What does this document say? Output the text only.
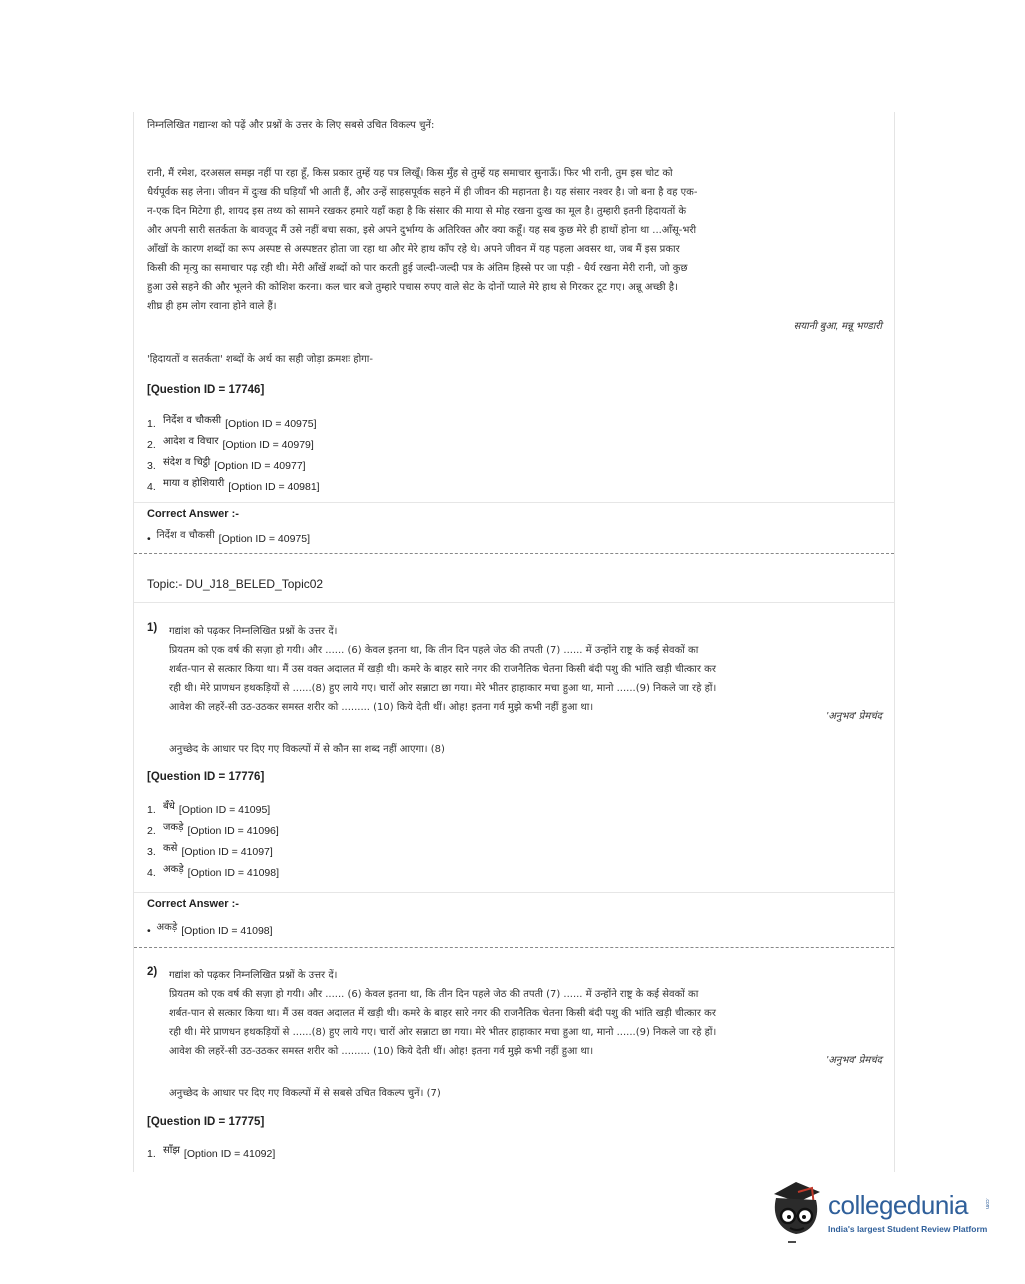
निम्नलिखित गद्यान्श को पढ़ें और प्रश्नों के उत्तर के लिए सबसे उचित विकल्प चुनें:

रानी, मैं रमेश, दरअसल समझ नहीं पा रहा हूँ, किस प्रकार तुम्हें यह पत्र लिखूँ। किस मुँह से तुम्हें यह समाचार सुनाऊँ। फिर भी रानी, तुम इस चोट को

धैर्यपूर्वक सह लेना। जीवन में दुःख की घड़ियाँ भी आती हैं, और उन्हें साहसपूर्वक सहने में ही जीवन की महानता है। यह संसार नश्वर है। जो बना है वह एक-

न-एक दिन मिटेगा ही, शायद इस तथ्य को सामने रखकर हमारे यहाँ कहा है कि संसार की माया से मोह रखना दुःख का मूल है। तुम्हारी इतनी हिदायतों के

और अपनी सारी सतर्कता के बावजूद मैं उसे नहीं बचा सका, इसे अपने दुर्भाग्य के अतिरिक्त और क्या कहूँ। यह सब कुछ मेरे ही हाथों होना था ...आँसू-भरी

आँखों के कारण शब्दों का रूप अस्पष्ट से अस्पष्टतर होता जा रहा था और मेरे हाथ काँप रहे थे। अपने जीवन में यह पहला अवसर था, जब मैं इस प्रकार

किसी की मृत्यु का समाचार पढ़ रही थी। मेरी आँखें शब्दों को पार करती हुई जल्दी-जल्दी पत्र के अंतिम हिस्से पर जा पड़ी - धैर्य रखना मेरी रानी, जो कुछ

हुआ उसे सहने की और भूलने की कोशिश करना। कल चार बजे तुम्हारे पचास रुपए वाले सेट के दोनों प्याले मेरे हाथ से गिरकर टूट गए। अन्नू अच्छी है।

शीघ्र ही हम लोग रवाना होने वाले हैं।

सयानी बुआ, मन्नू भण्डारी
'हिदायतों व सतर्कता' शब्दों के अर्थ का सही जोड़ा क्रमशः होगा-
[Question ID = 17746]
1. निर्देश व चौकसी [Option ID = 40975]
2. आदेश व विचार [Option ID = 40979]
3. संदेश व चिट्ठी [Option ID = 40977]
4. माया व होशियारी [Option ID = 40981]
Correct Answer :-
•  निर्देश व चौकसी [Option ID = 40975]
Topic:- DU_J18_BELED_Topic02
1) गद्यांश को पढ़कर निम्नलिखित प्रश्नों के उत्तर दें।

प्रियतम को एक वर्ष की सज़ा हो गयी। और ...... (6) केवल इतना था, कि तीन दिन पहले जेठ की तपती (7) ...... में उन्होंने राष्ट्र के कई सेवकों का

शर्बत-पान से सत्कार किया था। मैं उस वक्त अदालत में खड़ी थी। कमरे के बाहर सारे नगर की राजनैतिक चेतना किसी बंदी पशु की भांति खड़ी चीत्कार कर

रही थी। मेरे प्राणधन हथकड़ियों से ......(8) हुए लाये गए। चारों ओर सन्नाटा छा गया। मेरे भीतर हाहाकार मचा हुआ था, मानो ......(9) निकले जा रहे हों।

आवेश की लहरें-सी उठ-उठकर समस्त शरीर को ......... (10) किये देती थीं। ओह! इतना गर्व मुझे कभी नहीं हुआ था।

'अनुभव' प्रेमचंद
अनुच्छेद के आधार पर दिए गए विकल्पों में से कौन सा शब्द नहीं आएगा। (8)
[Question ID = 17776]
1. बँधे [Option ID = 41095]
2. जकड़े [Option ID = 41096]
3. कसे [Option ID = 41097]
4. अकड़े [Option ID = 41098]
Correct Answer :-
•  अकड़े [Option ID = 41098]
2) गद्यांश को पढ़कर निम्नलिखित प्रश्नों के उत्तर दें।

प्रियतम को एक वर्ष की सज़ा हो गयी। और ...... (6) केवल इतना था, कि तीन दिन पहले जेठ की तपती (7) ...... में उन्होंने राष्ट्र के कई सेवकों का

शर्बत-पान से सत्कार किया था। मैं उस वक्त अदालत में खड़ी थी। कमरे के बाहर सारे नगर की राजनैतिक चेतना किसी बंदी पशु की भांति खड़ी चीत्कार कर

रही थी। मेरे प्राणधन हथकड़ियों से ......(8) हुए लाये गए। चारों ओर सन्नाटा छा गया। मेरे भीतर हाहाकार मचा हुआ था, मानो ......(9) निकले जा रहे हों।

आवेश की लहरें-सी उठ-उठकर समस्त शरीर को ......... (10) किये देती थीं। ओह! इतना गर्व मुझे कभी नहीं हुआ था।

'अनुभव' प्रेमचंद
अनुच्छेद के आधार पर दिए गए विकल्पों में से सबसे उचित विकल्प चुनें। (7)
[Question ID = 17775]
1. साँझ [Option ID = 41092]
collegedunia	.com
India's largest Student Review Platform
